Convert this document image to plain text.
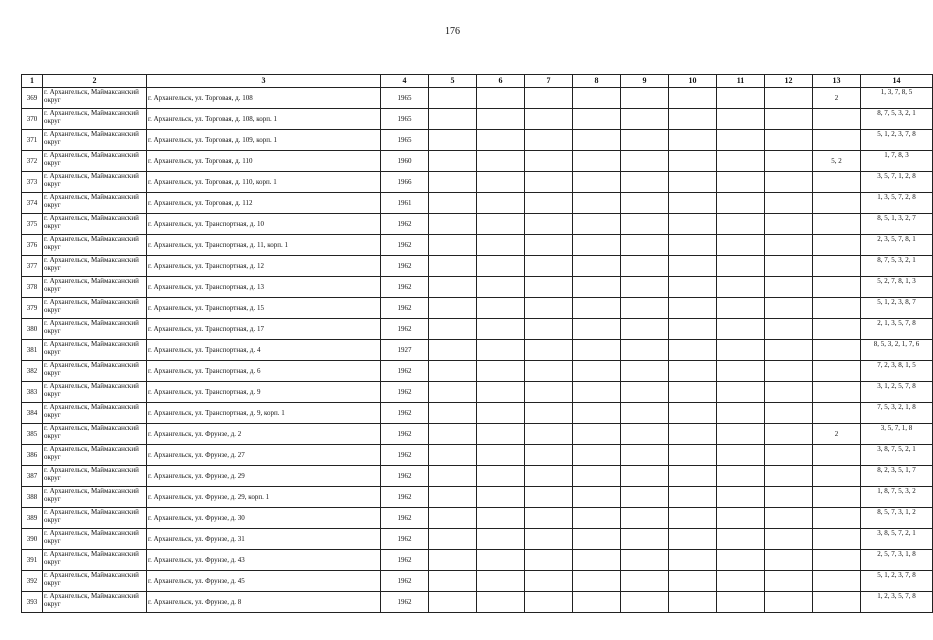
176
1	2	3	4	5	6	7	8	9	10	11	12	13	14
369	г. Архангельск, Маймаксанский округ	г. Архангельск, ул. Торговая, д. 108	1965									2	1, 3, 7, 8, 5
370	г. Архангельск, Маймаксанский округ	г. Архангельск, ул. Торговая, д. 108, корп. 1	1965										8, 7, 5, 3, 2, 1
371	г. Архангельск, Маймаксанский округ	г. Архангельск, ул. Торговая, д. 109, корп. 1	1965										5, 1, 2, 3, 7, 8
372	г. Архангельск, Маймаксанский округ	г. Архангельск, ул. Торговая, д. 110	1960									5, 2	1, 7, 8, 3
373	г. Архангельск, Маймаксанский округ	г. Архангельск, ул. Торговая, д. 110, корп. 1	1966										3, 5, 7, 1, 2, 8
374	г. Архангельск, Маймаксанский округ	г. Архангельск, ул. Торговая, д. 112	1961										1, 3, 5, 7, 2, 8
375	г. Архангельск, Маймаксанский округ	г. Архангельск, ул. Транспортная, д. 10	1962										8, 5, 1, 3, 2, 7
376	г. Архангельск, Маймаксанский округ	г. Архангельск, ул. Транспортная, д. 11, корп. 1	1962										2, 3, 5, 7, 8, 1
377	г. Архангельск, Маймаксанский округ	г. Архангельск, ул. Транспортная, д. 12	1962										8, 7, 5, 3, 2, 1
378	г. Архангельск, Маймаксанский округ	г. Архангельск, ул. Транспортная, д. 13	1962										5, 2, 7, 8, 1, 3
379	г. Архангельск, Маймаксанский округ	г. Архангельск, ул. Транспортная, д. 15	1962										5, 1, 2, 3, 8, 7
380	г. Архангельск, Маймаксанский округ	г. Архангельск, ул. Транспортная, д. 17	1962										2, 1, 3, 5, 7, 8
381	г. Архангельск, Маймаксанский округ	г. Архангельск, ул. Транспортная, д. 4	1927										8, 5, 3, 2, 1, 7, 6
382	г. Архангельск, Маймаксанский округ	г. Архангельск, ул. Транспортная, д. 6	1962										7, 2, 3, 8, 1, 5
383	г. Архангельск, Маймаксанский округ	г. Архангельск, ул. Транспортная, д. 9	1962										3, 1, 2, 5, 7, 8
384	г. Архангельск, Маймаксанский округ	г. Архангельск, ул. Транспортная, д. 9, корп. 1	1962										7, 5, 3, 2, 1, 8
385	г. Архангельск, Маймаксанский округ	г. Архангельск, ул. Фрунзе, д. 2	1962									2	3, 5, 7, 1, 8
386	г. Архангельск, Маймаксанский округ	г. Архангельск, ул. Фрунзе, д. 27	1962										3, 8, 7, 5, 2, 1
387	г. Архангельск, Маймаксанский округ	г. Архангельск, ул. Фрунзе, д. 29	1962										8, 2, 3, 5, 1, 7
388	г. Архангельск, Маймаксанский округ	г. Архангельск, ул. Фрунзе, д. 29, корп. 1	1962										1, 8, 7, 5, 3, 2
389	г. Архангельск, Маймаксанский округ	г. Архангельск, ул. Фрунзе, д. 30	1962										8, 5, 7, 3, 1, 2
390	г. Архангельск, Маймаксанский округ	г. Архангельск, ул. Фрунзе, д. 31	1962										3, 8, 5, 7, 2, 1
391	г. Архангельск, Маймаксанский округ	г. Архангельск, ул. Фрунзе, д. 43	1962										2, 5, 7, 3, 1, 8
392	г. Архангельск, Маймаксанский округ	г. Архангельск, ул. Фрунзе, д. 45	1962										5, 1, 2, 3, 7, 8
393	г. Архангельск, Маймаксанский округ	г. Архангельск, ул. Фрунзе, д. 8	1962										1, 2, 3, 5, 7, 8
